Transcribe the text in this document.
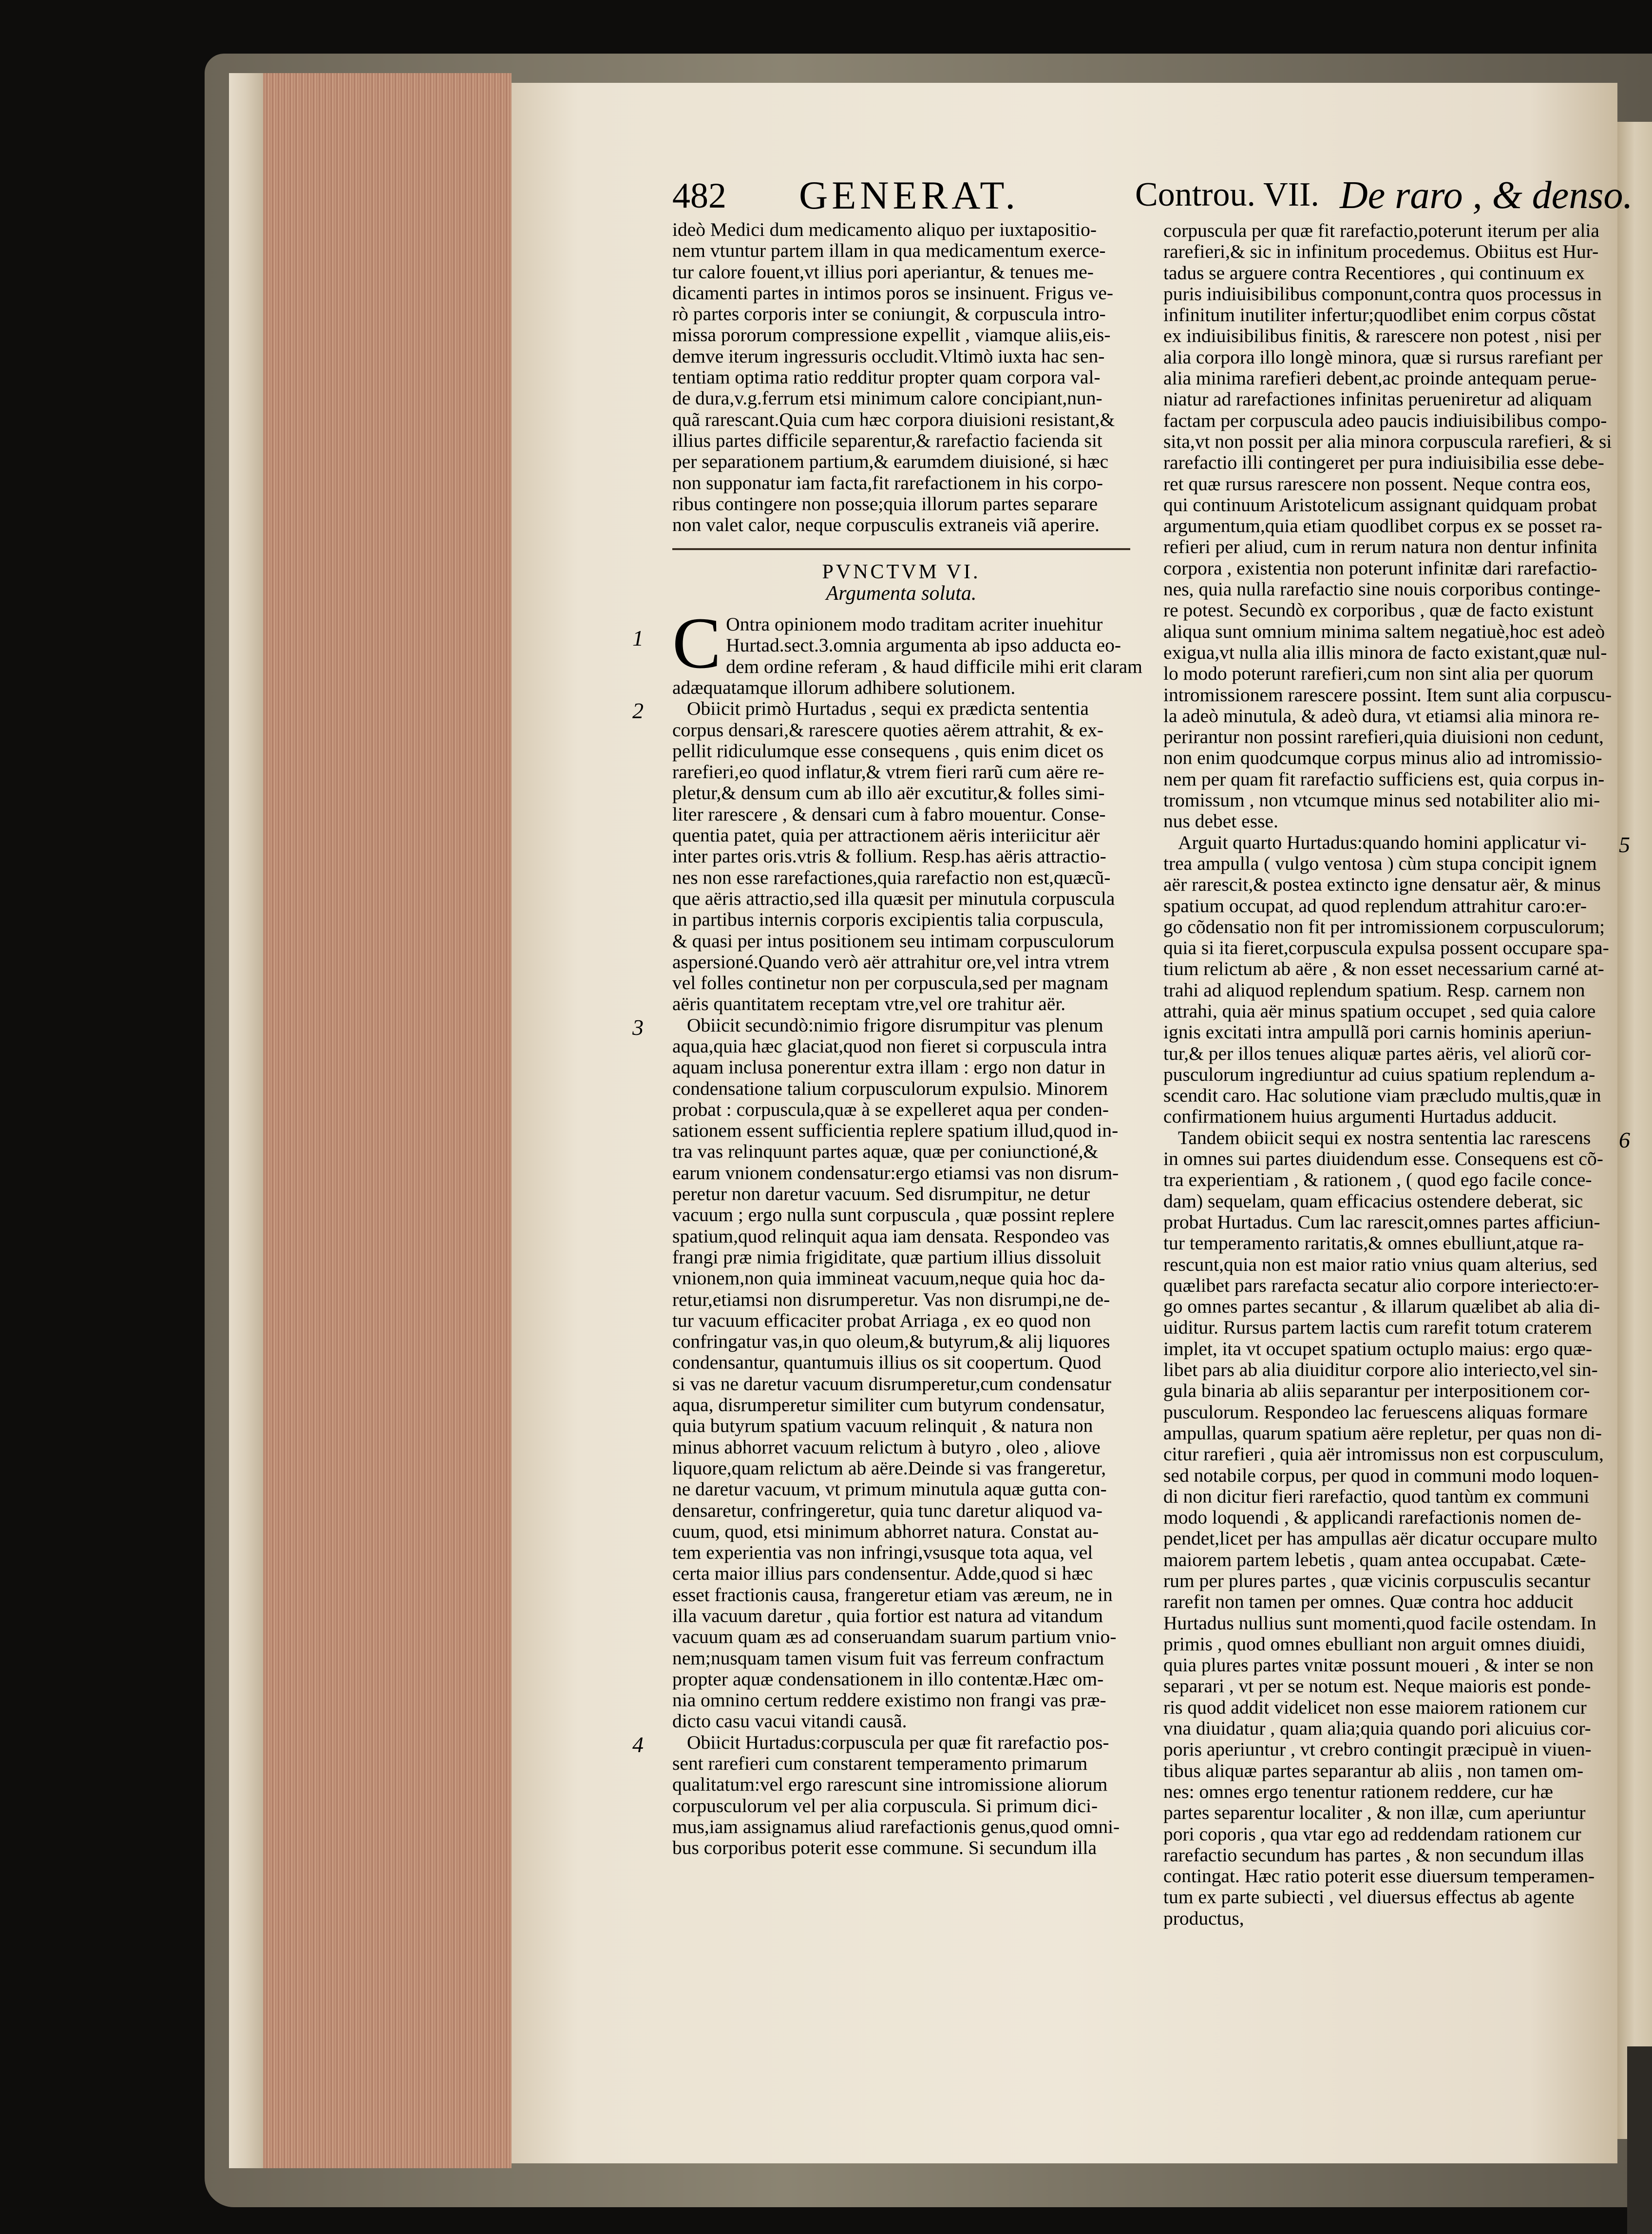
482 GENERAT.	Controu. VII. De raro , & denso.
ideò Medici dum medicamento aliquo per iuxtapositio-
nem vtuntur partem illam in qua medicamentum exerce-
tur calore fouent,vt illius pori aperiantur, & tenues me-
dicamenti partes in intimos poros se insinuent. Frigus ve-
rò partes corporis inter se coniungit, & corpuscula intro-
missa pororum compressione expellit , viamque aliis,eis-
demve iterum ingressuris occludit.Vltimò iuxta hac sen-
tentiam optima ratio redditur propter quam corpora val-
de dura,v.g.ferrum etsi minimum calore concipiant,nun-
quã rarescant.Quia cum hæc corpora diuisioni resistant,&
illius partes difficile separentur,& rarefactio facienda sit
per separationem partium,& earumdem diuisioné, si hæc
non supponatur iam facta,fit rarefactionem in his corpo-
ribus contingere non posse;quia illorum partes separare
non valet calor, neque corpusculis extraneis viã aperire.
PVNCTVM VI.
Argumenta soluta.
1 C Ontra opinionem modo traditam acriter inuehitur
Hurtad.sect.3.omnia argumenta ab ipso adducta eo-
dem ordine referam , & haud difficile mihi erit claram
adæquatamque illorum adhibere solutionem.
2	Obiicit primò Hurtadus , sequi ex prædicta sententia
corpus densari,& rarescere quoties aërem attrahit, & ex-
pellit ridiculumque esse consequens , quis enim dicet os
rarefieri,eo quod inflatur,& vtrem fieri rarũ cum aëre re-
pletur,& densum cum ab illo aër excutitur,& folles simi-
liter rarescere , & densari cum à fabro mouentur. Conse-
quentia patet, quia per attractionem aëris interiicitur aër
inter partes oris.vtris & follium. Resp.has aëris attractio-
nes non esse rarefactiones,quia rarefactio non est,quæcũ-
que aëris attractio,sed illa quæsit per minutula corpuscula
in partibus internis corporis excipientis talia corpuscula,
& quasi per intus positionem seu intimam corpusculorum
aspersioné.Quando verò aër attrahitur ore,vel intra vtrem
vel folles continetur non per corpuscula,sed per magnam
aëris quantitatem receptam vtre,vel ore trahitur aër.
3	Obiicit secundò:nimio frigore disrumpitur vas plenum
aqua,quia hæc glaciat,quod non fieret si corpuscula intra
aquam inclusa ponerentur extra illam : ergo non datur in
condensatione talium corpusculorum expulsio. Minorem
probat : corpuscula,quæ à se expelleret aqua per conden-
sationem essent sufficientia replere spatium illud,quod in-
tra vas relinquunt partes aquæ, quæ per coniunctioné,&
earum vnionem condensatur:ergo etiamsi vas non disrum-
peretur non daretur vacuum. Sed disrumpitur, ne detur
vacuum ; ergo nulla sunt corpuscula , quæ possint replere
spatium,quod relinquit aqua iam densata. Respondeo vas
frangi præ nimia frigiditate, quæ partium illius dissoluit
vnionem,non quia immineat vacuum,neque quia hoc da-
retur,etiamsi non disrumperetur. Vas non disrumpi,ne de-
tur vacuum efficaciter probat Arriaga , ex eo quod non
confringatur vas,in quo oleum,& butyrum,& alij liquores
condensantur, quantumuis illius os sit coopertum. Quod
si vas ne daretur vacuum disrumperetur,cum condensatur
aqua, disrumperetur similiter cum butyrum condensatur,
quia butyrum spatium vacuum relinquit , & natura non
minus abhorret vacuum relictum à butyro , oleo , aliove
liquore,quam relictum ab aëre.Deinde si vas frangeretur,
ne daretur vacuum, vt primum minutula aquæ gutta con-
densaretur, confringeretur, quia tunc daretur aliquod va-
cuum, quod, etsi minimum abhorret natura. Constat au-
tem experientia vas non infringi,vsusque tota aqua, vel
certa maior illius pars condensentur. Adde,quod si hæc
esset fractionis causa, frangeretur etiam vas æreum, ne in
illa vacuum daretur , quia fortior est natura ad vitandum
vacuum quam æs ad conseruandam suarum partium vnio-
nem;nusquam tamen visum fuit vas ferreum confractum
propter aquæ condensationem in illo contentæ.Hæc om-
nia omnino certum reddere existimo non frangi vas præ-
dicto casu vacui vitandi causã.
4	Obiicit Hurtadus:corpuscula per quæ fit rarefactio pos-
sent rarefieri cum constarent temperamento primarum
qualitatum:vel ergo rarescunt sine intromissione aliorum
corpusculorum vel per alia corpuscula. Si primum dici-
mus,iam assignamus aliud rarefactionis genus,quod omni-
bus corporibus poterit esse commune. Si secundum illa
corpuscula per quæ fit rarefactio,poterunt iterum per alia
rarefieri,& sic in infinitum procedemus. Obiitus est Hur-
tadus se arguere contra Recentiores , qui continuum ex
puris indiuisibilibus componunt,contra quos processus in
infinitum inutiliter infertur;quodlibet enim corpus cõstat
ex indiuisibilibus finitis, & rarescere non potest , nisi per
alia corpora illo longè minora, quæ si rursus rarefiant per
alia minima rarefieri debent,ac proinde antequam perue-
niatur ad rarefactiones infinitas perueniretur ad aliquam
factam per corpuscula adeo paucis indiuisibilibus compo-
sita,vt non possit per alia minora corpuscula rarefieri, & si
rarefactio illi contingeret per pura indiuisibilia esse debe-
ret quæ rursus rarescere non possent. Neque contra eos,
qui continuum Aristotelicum assignant quidquam probat
argumentum,quia etiam quodlibet corpus ex se posset ra-
refieri per aliud, cum in rerum natura non dentur infinita
corpora , existentia non poterunt infinitæ dari rarefactio-
nes, quia nulla rarefactio sine nouis corporibus continge-
re potest. Secundò ex corporibus , quæ de facto existunt
aliqua sunt omnium minima saltem negatiuè,hoc est adeò
exigua,vt nulla alia illis minora de facto existant,quæ nul-
lo modo poterunt rarefieri,cum non sint alia per quorum
intromissionem rarescere possint. Item sunt alia corpuscu-
la adeò minutula, & adeò dura, vt etiamsi alia minora re-
perirantur non possint rarefieri,quia diuisioni non cedunt,
non enim quodcumque corpus minus alio ad intromissio-
nem per quam fit rarefactio sufficiens est, quia corpus in-
tromissum , non vtcumque minus sed notabiliter alio mi-
nus debet esse.
5
Arguit quarto Hurtadus:quando homini applicatur vi-
trea ampulla ( vulgo ventosa ) cùm stupa concipit ignem
aër rarescit,& postea extincto igne densatur aër, & minus
spatium occupat, ad quod replendum attrahitur caro:er-
go cõdensatio non fit per intromissionem corpusculorum;
quia si ita fieret,corpuscula expulsa possent occupare spa-
tium relictum ab aëre , & non esset necessarium carné at-
trahi ad aliquod replendum spatium. Resp. carnem non
attrahi, quia aër minus spatium occupet , sed quia calore
ignis excitati intra ampullã pori carnis hominis aperiun-
tur,& per illos tenues aliquæ partes aëris, vel aliorũ cor-
pusculorum ingrediuntur ad cuius spatium replendum a-
scendit caro. Hac solutione viam præcludo multis,quæ in
confirmationem huius argumenti Hurtadus adducit.
6
Tandem obiicit sequi ex nostra sententia lac rarescens
in omnes sui partes diuidendum esse. Consequens est cõ-
tra experientiam , & rationem , ( quod ego facile conce-
dam) sequelam, quam efficacius ostendere deberat, sic
probat Hurtadus. Cum lac rarescit,omnes partes afficiun-
tur temperamento raritatis,& omnes ebulliunt,atque ra-
rescunt,quia non est maior ratio vnius quam alterius, sed
quælibet pars rarefacta secatur alio corpore interiecto:er-
go omnes partes secantur , & illarum quælibet ab alia di-
uiditur. Rursus partem lactis cum rarefit totum craterem
implet, ita vt occupet spatium octuplo maius: ergo quæ-
libet pars ab alia diuiditur corpore alio interiecto,vel sin-
gula binaria ab aliis separantur per interpositionem cor-
pusculorum. Respondeo lac feruescens aliquas formare
ampullas, quarum spatium aëre repletur, per quas non di-
citur rarefieri , quia aër intromissus non est corpusculum,
sed notabile corpus, per quod in communi modo loquen-
di non dicitur fieri rarefactio, quod tantùm ex communi
modo loquendi , & applicandi rarefactionis nomen de-
pendet,licet per has ampullas aër dicatur occupare multo
maiorem partem lebetis , quam antea occupabat. Cæte-
rum per plures partes , quæ vicinis corpusculis secantur
rarefit non tamen per omnes. Quæ contra hoc adducit
Hurtadus nullius sunt momenti,quod facile ostendam. In
primis , quod omnes ebulliant non arguit omnes diuidi,
quia plures partes vnitæ possunt moueri , & inter se non
separari , vt per se notum est. Neque maioris est ponde-
ris quod addit videlicet non esse maiorem rationem cur
vna diuidatur , quam alia;quia quando pori alicuius cor-
poris aperiuntur , vt crebro contingit præcipuè in viuen-
tibus aliquæ partes separantur ab aliis , non tamen om-
nes: omnes ergo tenentur rationem reddere, cur hæ
partes separentur localiter , & non illæ, cum aperiuntur
pori coporis , qua vtar ego ad reddendam rationem cur
rarefactio secundum has partes , & non secundum illas
contingat. Hæc ratio poterit esse diuersum temperamen-
tum ex parte subiecti , vel diuersus effectus ab agente
productus,
